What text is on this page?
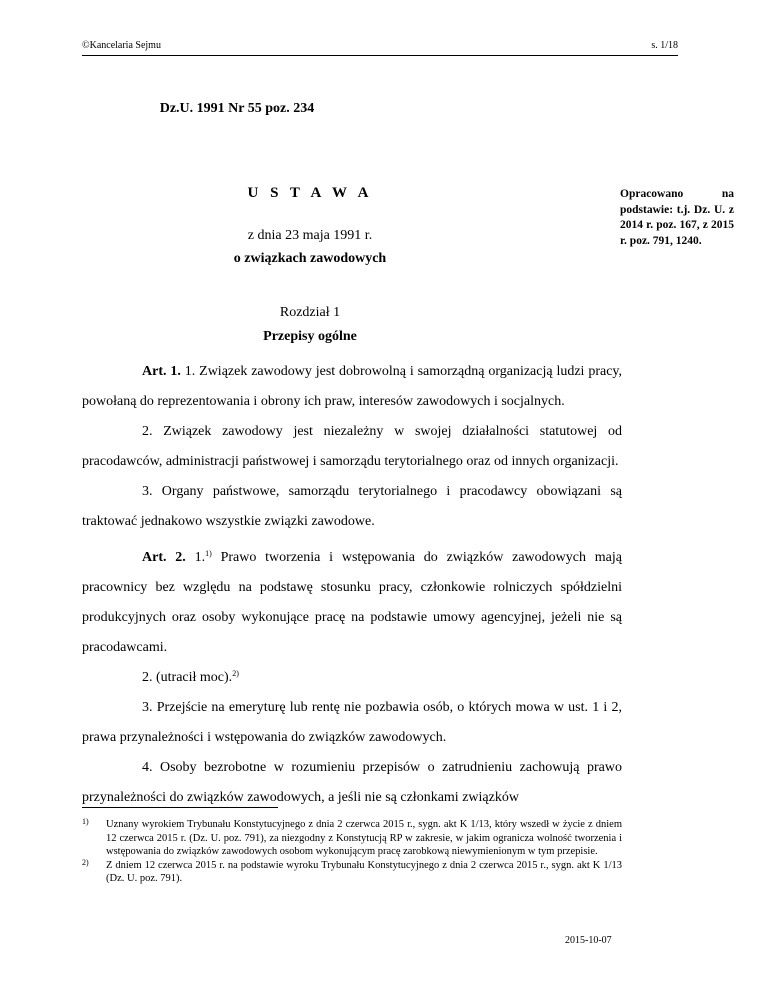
©Kancelaria Sejmu	s. 1/18
Dz.U. 1991 Nr 55 poz. 234
U S T A W A
z dnia 23 maja 1991 r.
o związkach zawodowych
Opracowano na podstawie: t.j. Dz. U. z 2014 r. poz. 167, z 2015 r. poz. 791, 1240.
Rozdział 1
Przepisy ogólne

Art. 1. 1. Związek zawodowy jest dobrowolną i samorządną organizacją ludzi pracy, powołaną do reprezentowania i obrony ich praw, interesów zawodowych i socjalnych.

2. Związek zawodowy jest niezależny w swojej działalności statutowej od pracodawców, administracji państwowej i samorządu terytorialnego oraz od innych organizacji.

3. Organy państwowe, samorządu terytorialnego i pracodawcy obowiązani są traktować jednakowo wszystkie związki zawodowe.

Art. 2. 1.$^{1)}$ Prawo tworzenia i wstępowania do związków zawodowych mają pracownicy bez względu na podstawę stosunku pracy, członkowie rolniczych spółdzielni produkcyjnych oraz osoby wykonujące pracę na podstawie umowy agencyjnej, jeżeli nie są pracodawcami.

2. (utracił moc).$^{2)}$

3. Przejście na emeryturę lub rentę nie pozbawia osób, o których mowa w ust. 1 i 2, prawa przynależności i wstępowania do związków zawodowych.

4. Osoby bezrobotne w rozumieniu przepisów o zatrudnieniu zachowują prawo przynależności do związków zawodowych, a jeśli nie są członkami związków

1) Uznany wyrokiem Trybunału Konstytucyjnego z dnia 2 czerwca 2015 r., sygn. akt K 1/13, który wszedł w życie z dniem 12 czerwca 2015 r. (Dz. U. poz. 791), za niezgodny z Konstytucją RP w zakresie, w jakim ogranicza wolność tworzenia i wstępowania do związków zawodowych osobom wykonującym pracę zarobkową niewymienionym w tym przepisie.
2) Z dniem 12 czerwca 2015 r. na podstawie wyroku Trybunału Konstytucyjnego z dnia 2 czerwca 2015 r., sygn. akt K 1/13 (Dz. U. poz. 791).
2015-10-07
